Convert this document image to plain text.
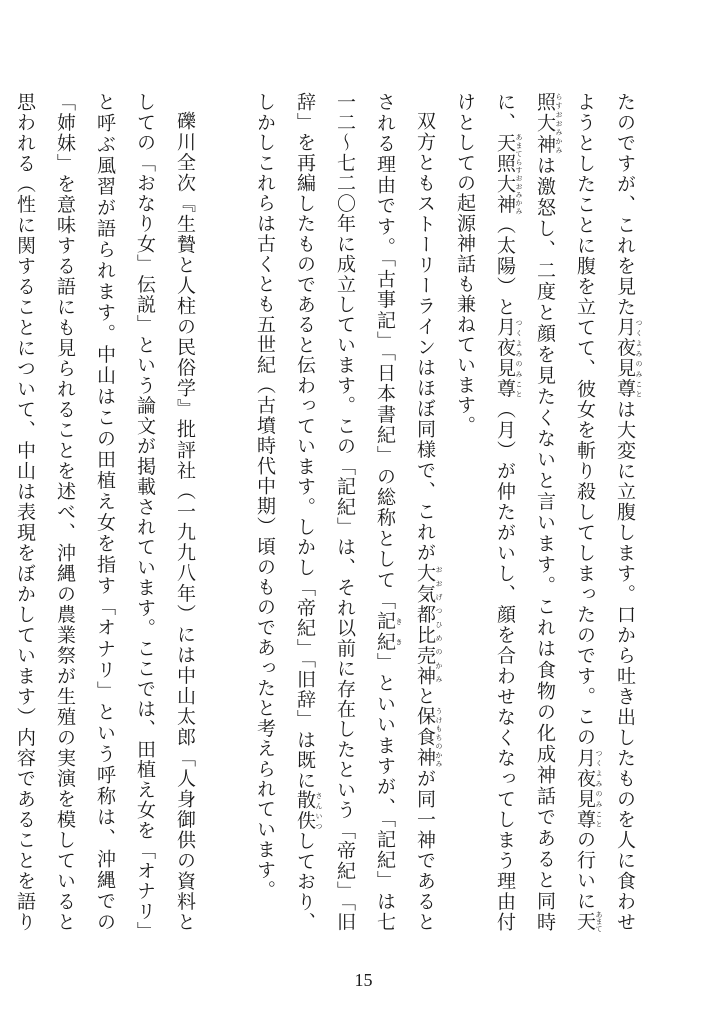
たのですが、これを見た月夜見尊 つくよみのみことは大変に立腹します。口から吐き出したものを人に食わせようとしたことに腹を立てて、彼女を斬り殺してしまったのです。この月夜見尊 つくよみのみことの行いに天照大神あまてらすおおみかみは激怒し、二度と顔を見たくないと言います。これは食物の化成神話であると同時に、天照大神 あまてらすおおみかみ（太陽）と月夜見尊 つくよみのみこと（月）が仲たがいし、顔を合わせなくなってしまう理由付けとしての起源神話も兼ねています。

双方ともストーリーラインはほぼ同様で、これが大気都比売神 おおげつひめのかみと保食神 うけもちのかみが同一神であるとされる理由です。「古事記」「日本書紀」の総称として「記紀 きき」といいますが、「記紀」は七一二～七二〇年に成立しています。この「記紀」は、それ以前に存在したという「帝紀」「旧辞」を再編したものであると伝わっています。しかし「帝紀」「旧辞」は既に散佚 さんいつしており、しかしこれらは古くとも五世紀（古墳時代中期）頃のものであったと考えられています。

礫川全次『生贄と人柱の民俗学』批評社（一九九八年）には中山太郎「人身御供の資料としての「おなり女」伝説」という論文が掲載されています。ここでは、田植え女を「オナリ」と呼ぶ風習が語られます。中山はこの田植え女を指す「オナリ」という呼称は、沖縄での「姉妹」を意味する語にも見られることを述べ、沖縄の農業祭が生殖の実演を模していると思われる（性に関することについて、中山は表現をぼかしています）内容であることを語り

15
